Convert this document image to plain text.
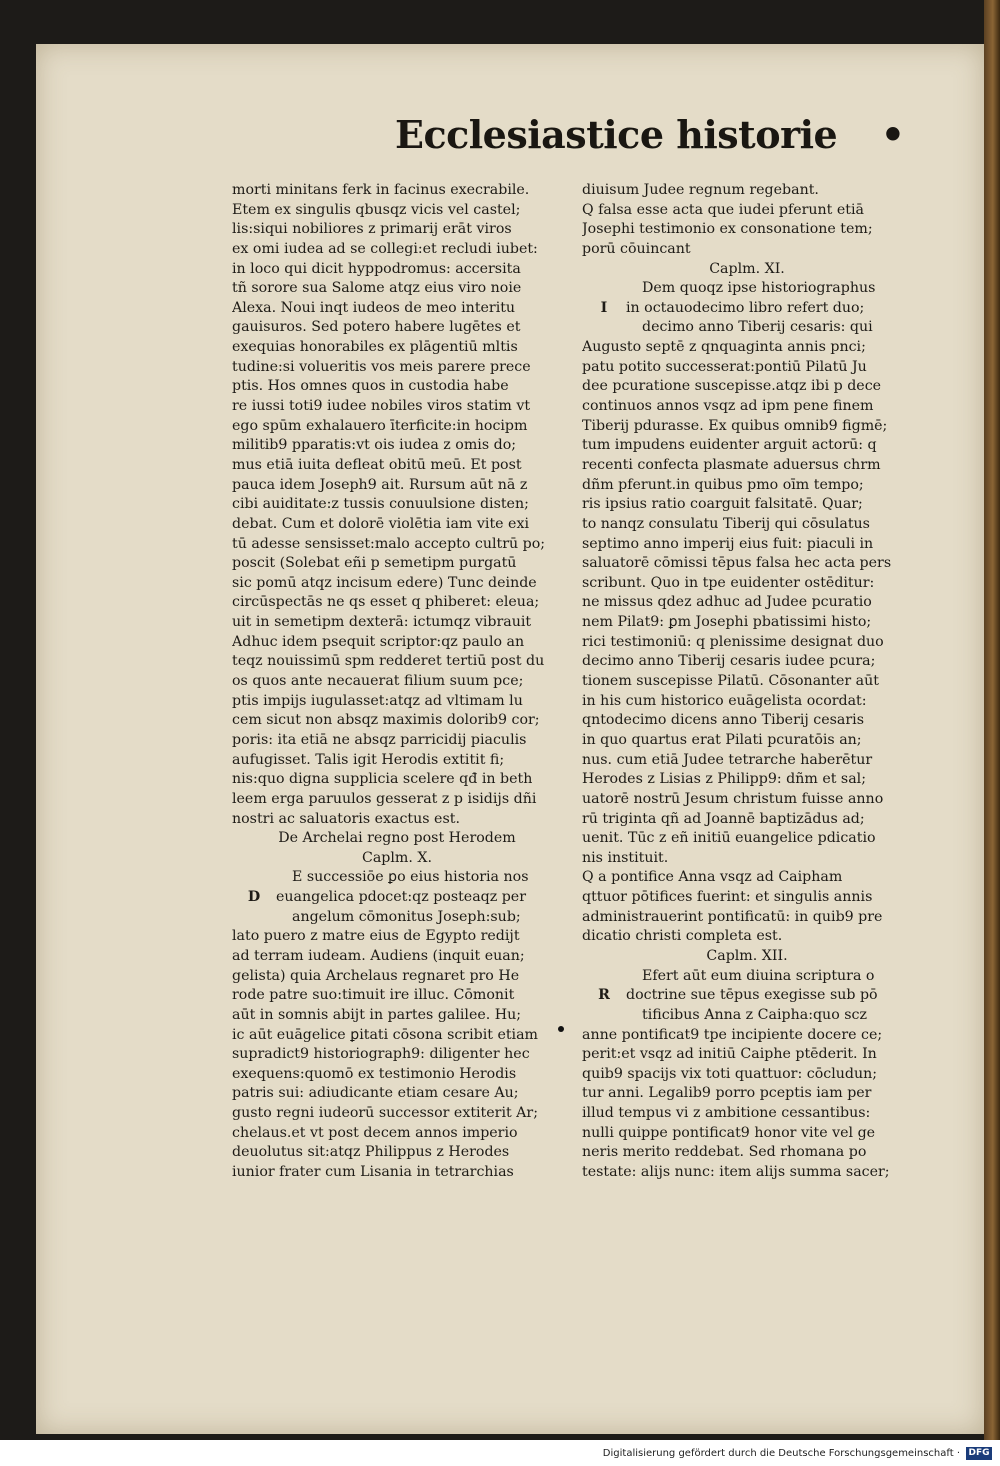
Ecclesiastice historie •
morti minitans ferk in facinus execrabile.
Etem ex singulis qbusqz vicis vel castel;
lis:siqui nobiliores z primarij erāt viros
ex omi iudea ad se collegi:et recludi iubet:
in loco qui dicit hyppodromus: accersita
tñ sorore sua Salome atqz eius viro noie
Alexa. Noui inqt iudeos de meo interitu
gauisuros. Sed potero habere lugētes et
exequias honorabiles ex plāgentiū mltis
tudine:si volueritis vos meis parere prece
ptis. Hos omnes quos in custodia habe
re iussi toti9 iudee nobiles viros statim vt
ego spūm exhalauero īterficite:in hocipm
militib9 pparatis:vt ois iudea z omis do;
mus etiā iuita defleat obitū meū. Et post
pauca idem Joseph9 ait. Rursum aūt nā z
cibi auiditate:z tussis conuulsione disten;
debat. Cum et dolorē violētia iam vite exi
tū adesse sensisset:malo accepto cultrū po;
poscit (Solebat eñi p semetipm purgatū
sic pomū atqz incisum edere) Tunc deinde
circūspectās ne qs esset q phiberet: eleua;
uit in semetipm dexterā: ictumqz vibrauit
Adhuc idem psequit scriptor:qz paulo an
teqz nouissimū spm redderet tertiū post du
os quos ante necauerat filium suum pce;
ptis impijs iugulasset:atqz ad vltimam lu
cem sicut non absqz maximis dolorib9 cor;
poris: ita etiā ne absqz parricidij piaculis
aufugisset. Talis igit Herodis extitit fi;
nis:quo digna supplicia scelere qđ in beth
leem erga paruulos gesserat z p isidijs dñi
nostri ac saluatoris exactus est.
De Archelai regno post Herodem
Caplm. X.
E successiōe ꝑo eius historia nos
D euangelica pdocet:qz posteaqz per
angelum cōmonitus Joseph:sub;
lato puero z matre eius de Egypto redijt
ad terram iudeam. Audiens (inquit euan;
gelista) quia Archelaus regnaret pro He
rode patre suo:timuit ire illuc. Cōmonit
aūt in somnis abijt in partes galilee. Hu;
ic aūt euāgelice ꝑitati cōsona scribit etiam
supradict9 historiograph9: diligenter hec
exequens:quomō ex testimonio Herodis
patris sui: adiudicante etiam cesare Au;
gusto regni iudeorū successor extiterit Ar;
chelaus.et vt post decem annos imperio
deuolutus sit:atqz Philippus z Herodes
iunior frater cum Lisania in tetrarchias
diuisum Judee regnum regebant.
Q falsa esse acta que iudei pferunt etiā
Josephi testimonio ex consonatione tem;
porū cōuincant
Caplm. XI.
Dem quoqz ipse historiographus
I in octauodecimo libro refert duo;
decimo anno Tiberij cesaris: qui
Augusto septē z qnquaginta annis pnci;
patu potito successerat:pontiū Pilatū Ju
dee pcuratione suscepisse.atqz ibi p dece
continuos annos vsqz ad ipm pene finem
Tiberij pdurasse. Ex quibus omnib9 figmē;
tum impudens euidenter arguit actorū: q
recenti confecta plasmate aduersus chrm
dñm pferunt.in quibus pmo oīm tempo;
ris ipsius ratio coarguit falsitatē. Quar;
to nanqz consulatu Tiberij qui cōsulatus
septimo anno imperij eius fuit: piaculi in
saluatorē cōmissi tēpus falsa hec acta pers
scribunt. Quo in tpe euidenter ostēditur:
ne missus qdez adhuc ad Judee pcuratio
nem Pilat9: ꝑm Josephi pbatissimi histo;
rici testimoniū: q plenissime designat duo
decimo anno Tiberij cesaris iudee pcura;
tionem suscepisse Pilatū. Cōsonanter aūt
in his cum historico euāgelista ocordat:
qntodecimo dicens anno Tiberij cesaris
in quo quartus erat Pilati pcuratōis an;
nus. cum etiā Judee tetrarche haberētur
Herodes z Lisias z Philipp9: dñm et sal;
uatorē nostrū Jesum christum fuisse anno
rū triginta qñ ad Joannē baptizādus ad;
uenit. Tūc z eñ initiū euangelice pdicatio
nis instituit.
Q a pontifice Anna vsqz ad Caipham
qttuor pōtifices fuerint: et singulis annis
administrauerint pontificatū: in quib9 pre
dicatio christi completa est.
Caplm. XII.
Efert aūt eum diuina scriptura o
R doctrine sue tēpus exegisse sub pō
tificibus Anna z Caipha:quo scz
anne pontificat9 tpe incipiente docere ce;
perit:et vsqz ad initiū Caiphe ptēderit. In
quib9 spacijs vix toti quattuor: cōcludun;
tur anni. Legalib9 porro pceptis iam per
illud tempus vi z ambitione cessantibus:
nulli quippe pontificat9 honor vite vel ge
neris merito reddebat. Sed rhomana po
testate: alijs nunc: item alijs summa sacer;
Digitalisierung gefördert durch die Deutsche Forschungsgemeinschaft · DFG
